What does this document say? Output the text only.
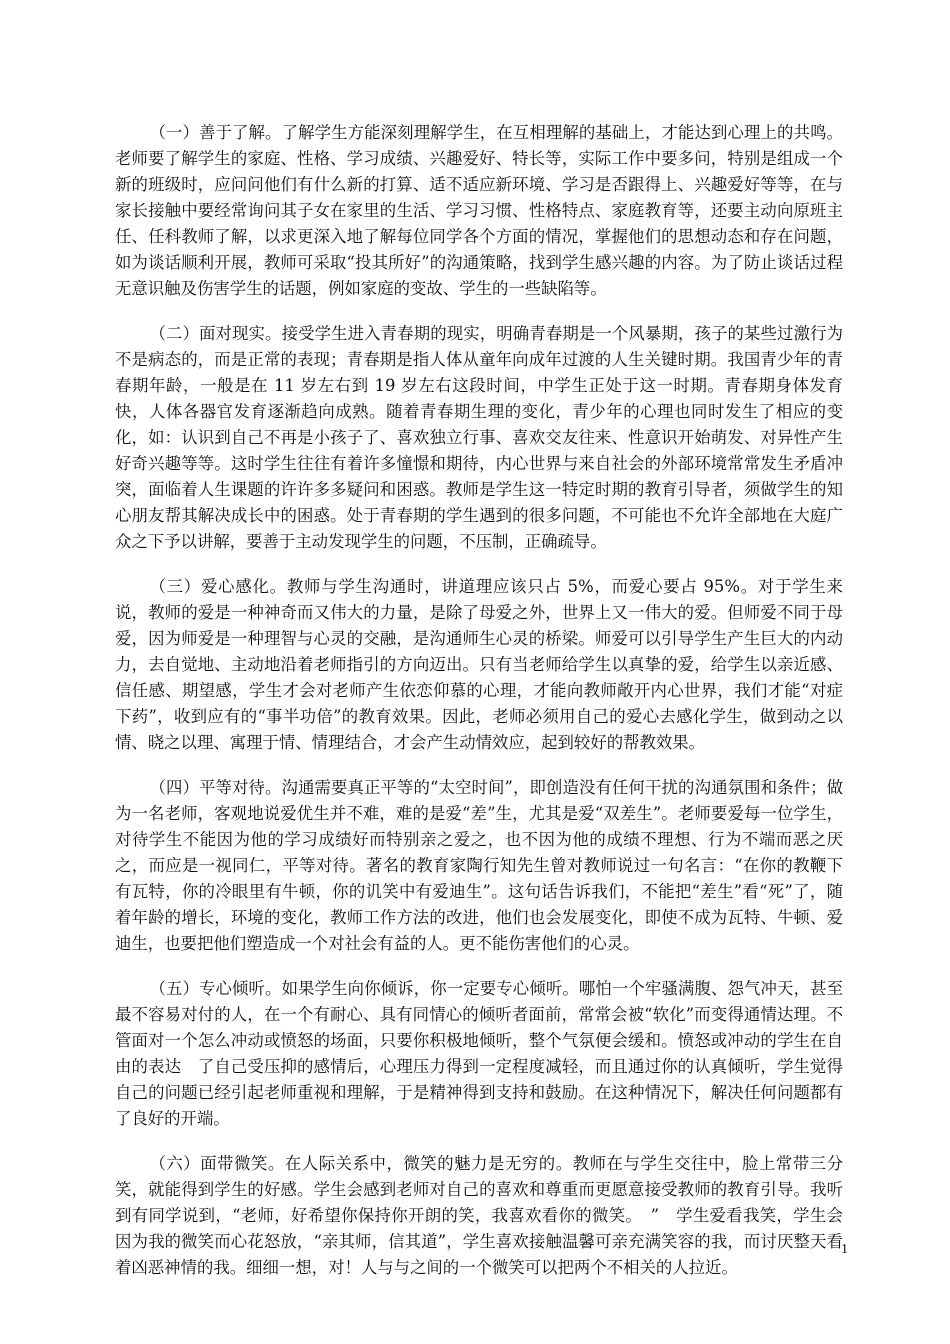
（一）善于了解。了解学生方能深刻理解学生，在互相理解的基础上，才能达到心理上的共鸣。老师要了解学生的家庭、性格、学习成绩、兴趣爱好、特长等，实际工作中要多问，特别是组成一个新的班级时，应问问他们有什么新的打算、适不适应新环境、学习是否跟得上、兴趣爱好等等，在与家长接触中要经常询问其子女在家里的生活、学习习惯、性格特点、家庭教育等，还要主动向原班主任、任科教师了解，以求更深入地了解每位同学各个方面的情况，掌握他们的思想动态和存在问题，如为谈话顺利开展，教师可采取“投其所好”的沟通策略，找到学生感兴趣的内容。为了防止谈话过程无意识触及伤害学生的话题，例如家庭的变故、学生的一些缺陷等。

（二）面对现实。接受学生进入青春期的现实，明确青春期是一个风暴期，孩子的某些过激行为不是病态的，而是正常的表现；青春期是指人体从童年向成年过渡的人生关键时期。我国青少年的青春期年龄，一般是在 11 岁左右到 19 岁左右这段时间，中学生正处于这一时期。青春期身体发育快，人体各器官发育逐渐趋向成熟。随着青春期生理的变化，青少年的心理也同时发生了相应的变化，如：认识到自己不再是小孩子了、喜欢独立行事、喜欢交友往来、性意识开始萌发、对异性产生好奇兴趣等等。这时学生往往有着许多憧憬和期待，内心世界与来自社会的外部环境常常发生矛盾冲突，面临着人生课题的许许多多疑问和困惑。教师是学生这一特定时期的教育引导者，须做学生的知心朋友帮其解决成长中的困惑。处于青春期的学生遇到的很多问题，不可能也不允许全部地在大庭广众之下予以讲解，要善于主动发现学生的问题，不压制，正确疏导。

（三）爱心感化。教师与学生沟通时，讲道理应该只占 5%，而爱心要占 95%。对于学生来说，教师的爱是一种神奇而又伟大的力量，是除了母爱之外，世界上又一伟大的爱。但师爱不同于母爱，因为师爱是一种理智与心灵的交融，是沟通师生心灵的桥梁。师爱可以引导学生产生巨大的内动力，去自觉地、主动地沿着老师指引的方向迈出。只有当老师给学生以真挚的爱，给学生以亲近感、信任感、期望感，学生才会对老师产生依恋仰慕的心理，才能向教师敞开内心世界，我们才能“对症下药”，收到应有的“事半功倍”的教育效果。因此，老师必须用自己的爱心去感化学生，做到动之以情、晓之以理、寓理于情、情理结合，才会产生动情效应，起到较好的帮教效果。

（四）平等对待。沟通需要真正平等的“太空时间”，即创造没有任何干扰的沟通氛围和条件；做为一名老师，客观地说爱优生并不难，难的是爱“差”生，尤其是爱“双差生”。老师要爱每一位学生，对待学生不能因为他的学习成绩好而特别亲之爱之，也不因为他的成绩不理想、行为不端而恶之厌之，而应是一视同仁，平等对待。著名的教育家陶行知先生曾对教师说过一句名言：“在你的教鞭下有瓦特，你的冷眼里有牛顿，你的讥笑中有爱迪生”。这句话告诉我们，不能把“差生”看“死”了，随着年龄的增长，环境的变化，教师工作方法的改进，他们也会发展变化，即使不成为瓦特、牛顿、爱迪生，也要把他们塑造成一个对社会有益的人。更不能伤害他们的心灵。

（五）专心倾听。如果学生向你倾诉，你一定要专心倾听。哪怕一个牢骚满腹、怨气冲天，甚至最不容易对付的人，在一个有耐心、具有同情心的倾听者面前，常常会被“软化”而变得通情达理。不管面对一个怎么冲动或愤怒的场面，只要你积极地倾听，整个气氛便会缓和。愤怒或冲动的学生在自由的表达　了自己受压抑的感情后，心理压力得到一定程度减轻，而且通过你的认真倾听，学生觉得自己的问题已经引起老师重视和理解，于是精神得到支持和鼓励。在这种情况下，解决任何问题都有了良好的开端。

（六）面带微笑。在人际关系中，微笑的魅力是无穷的。教师在与学生交往中，脸上常带三分笑，就能得到学生的好感。学生会感到老师对自己的喜欢和尊重而更愿意接受教师的教育引导。我听到有同学说到，“老师，好希望你保持你开朗的笑，我喜欢看你的微笑。　”　学生爱看我笑，学生会因为我的微笑而心花怒放，“亲其师，信其道”，学生喜欢接触温馨可亲充满笑容的我，而讨厌整天看着凶恶神情的我。细细一想，对！人与与之间的一个微笑可以把两个不相关的人拉近。

1
